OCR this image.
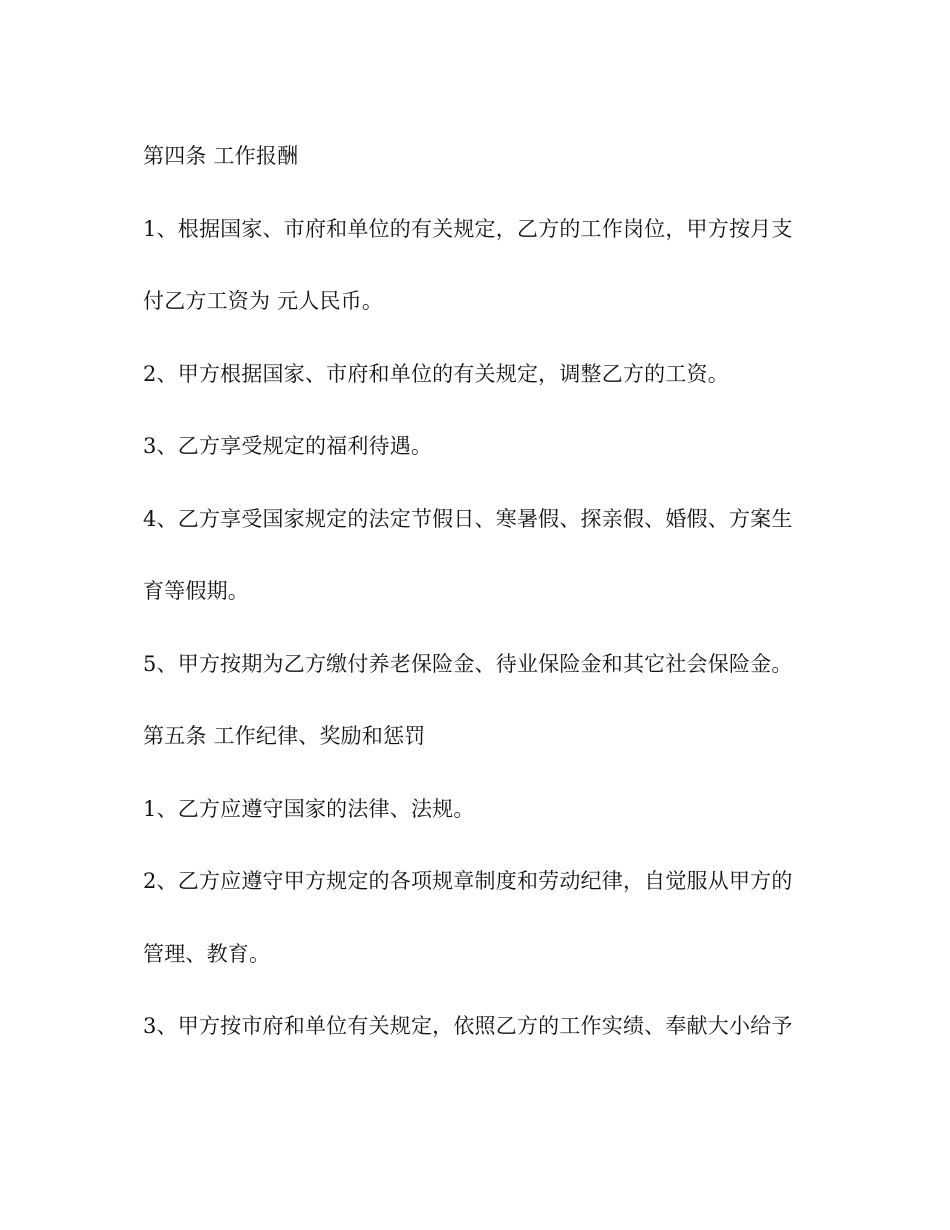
第四条 工作报酬
1、根据国家、市府和单位的有关规定，乙方的工作岗位，甲方按月支
付乙方工资为 元人民币。
2、甲方根据国家、市府和单位的有关规定，调整乙方的工资。
3、乙方享受规定的福利待遇。
4、乙方享受国家规定的法定节假日、寒暑假、探亲假、婚假、方案生
育等假期。
5、甲方按期为乙方缴付养老保险金、待业保险金和其它社会保险金。
第五条 工作纪律、奖励和惩罚
1、乙方应遵守国家的法律、法规。
2、乙方应遵守甲方规定的各项规章制度和劳动纪律，自觉服从甲方的
管理、教育。
3、甲方按市府和单位有关规定，依照乙方的工作实绩、奉献大小给予
